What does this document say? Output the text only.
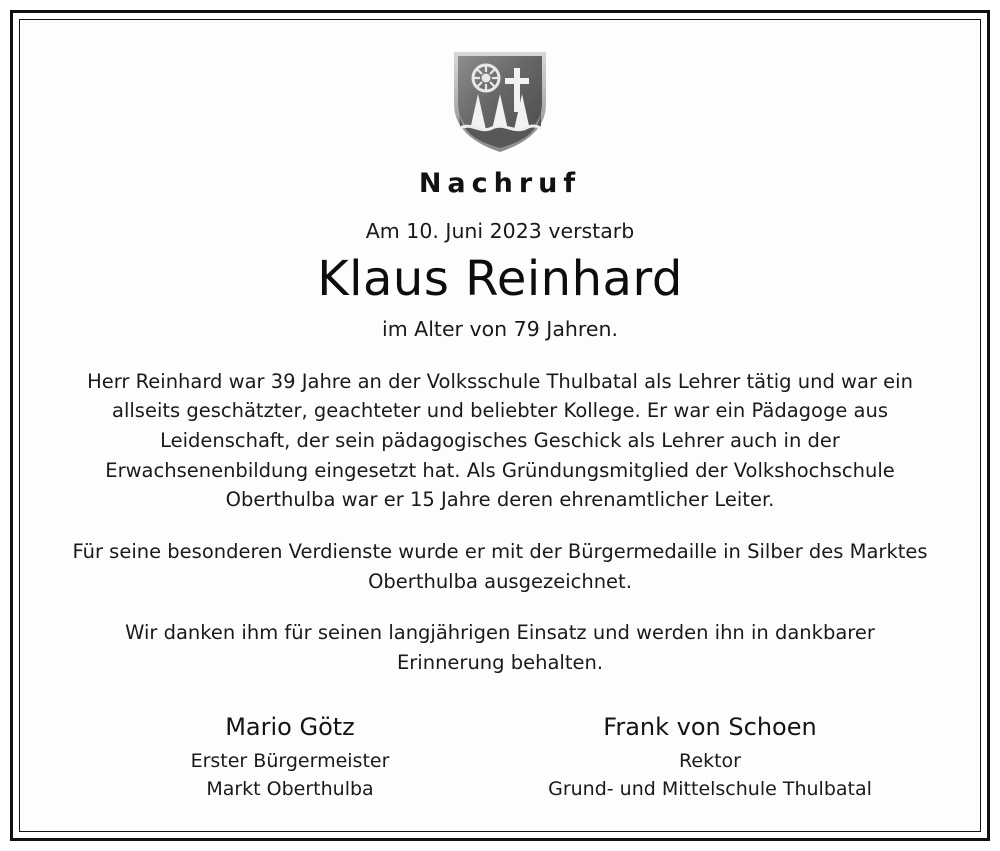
Nachruf
Am 10. Juni 2023 verstarb
Klaus Reinhard
im Alter von 79 Jahren.

Herr Reinhard war 39 Jahre an der Volksschule Thulbatal als Lehrer tätig und war ein allseits geschätzter, geachteter und beliebter Kollege. Er war ein Pädagoge aus Leidenschaft, der sein pädagogisches Geschick als Lehrer auch in der Erwachsenenbildung eingesetzt hat. Als Gründungsmitglied der Volkshochschule Oberthulba war er 15 Jahre deren ehrenamtlicher Leiter.

Für seine besonderen Verdienste wurde er mit der Bürgermedaille in Silber des Marktes Oberthulba ausgezeichnet.

Wir danken ihm für seinen langjährigen Einsatz und werden ihn in dankbarer Erinnerung behalten.

Mario Götz
Erster Bürgermeister
Markt Oberthulba
Frank von Schoen
Rektor
Grund- und Mittelschule Thulbatal
